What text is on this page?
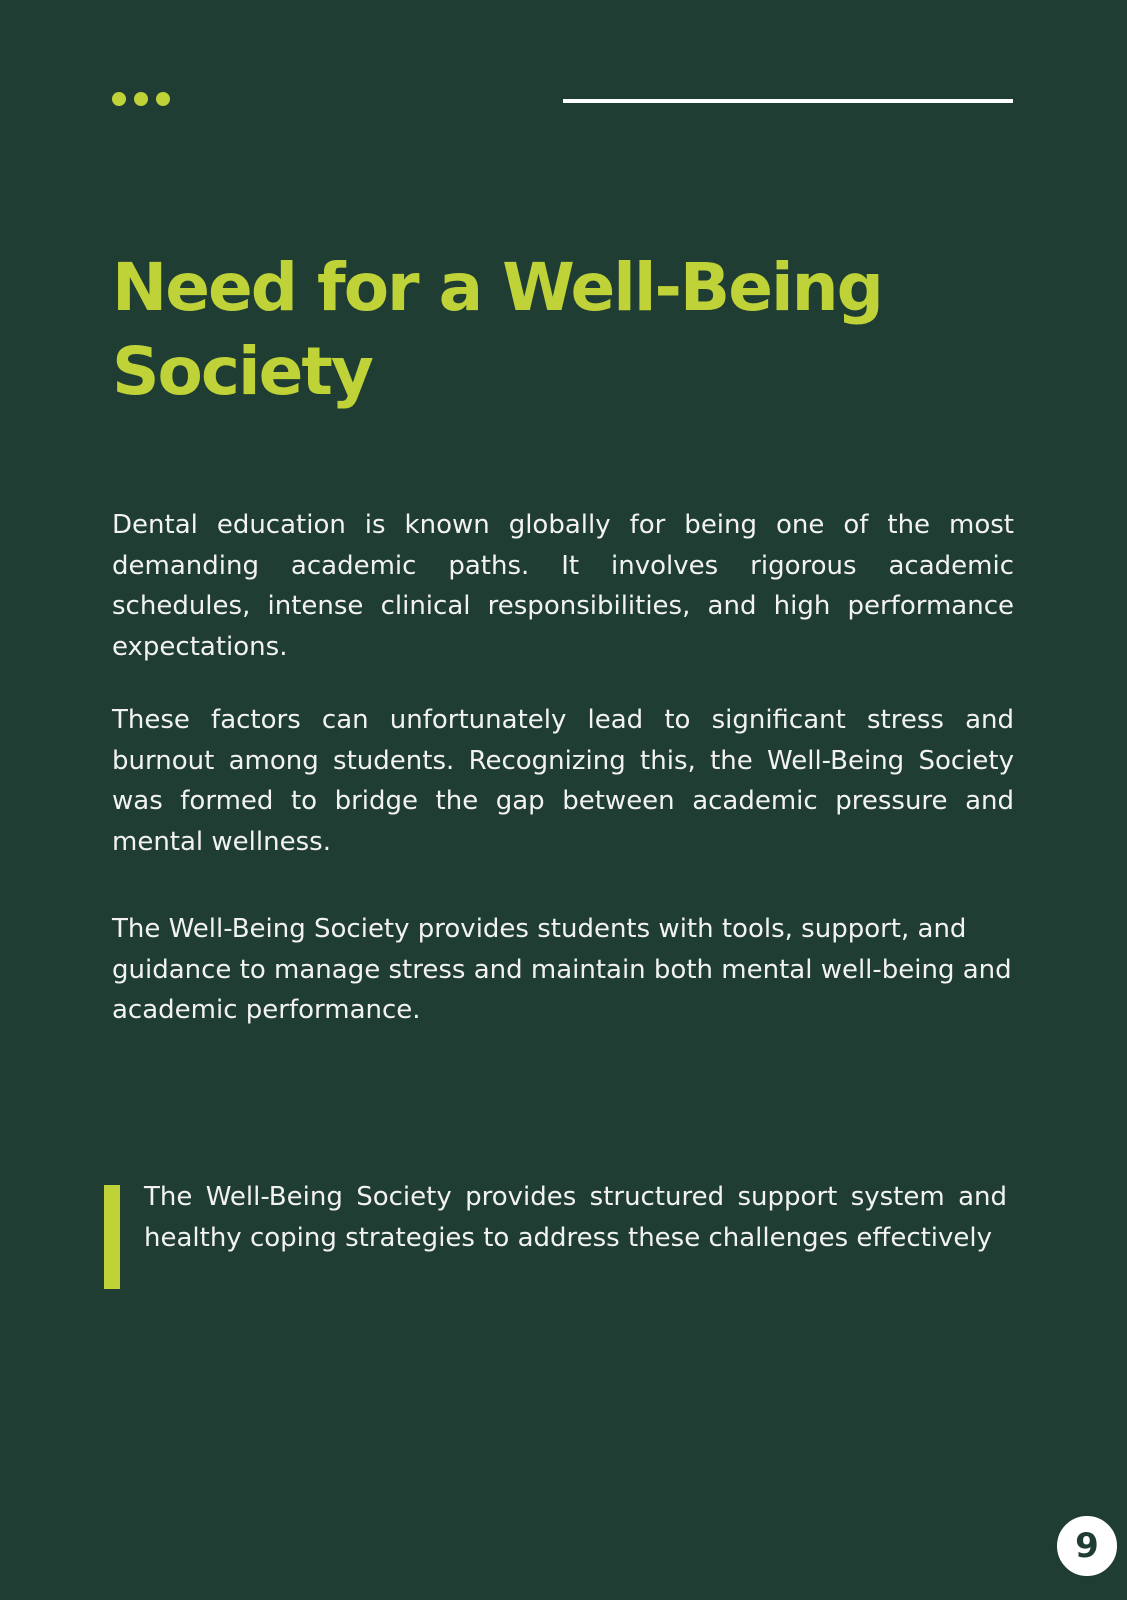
Need for a Well-Being Society

Dental education is known globally for being one of the most demanding academic paths. It involves rigorous academic schedules, intense clinical responsibilities, and high performance expectations.

These factors can unfortunately lead to significant stress and burnout among students. Recognizing this, the Well-Being Society was formed to bridge the gap between academic pressure and mental wellness.

The Well-Being Society provides students with tools, support, and guidance to manage stress and maintain both mental well-being and academic performance.

The Well-Being Society provides structured support system and healthy coping strategies to address these challenges effectively

9
